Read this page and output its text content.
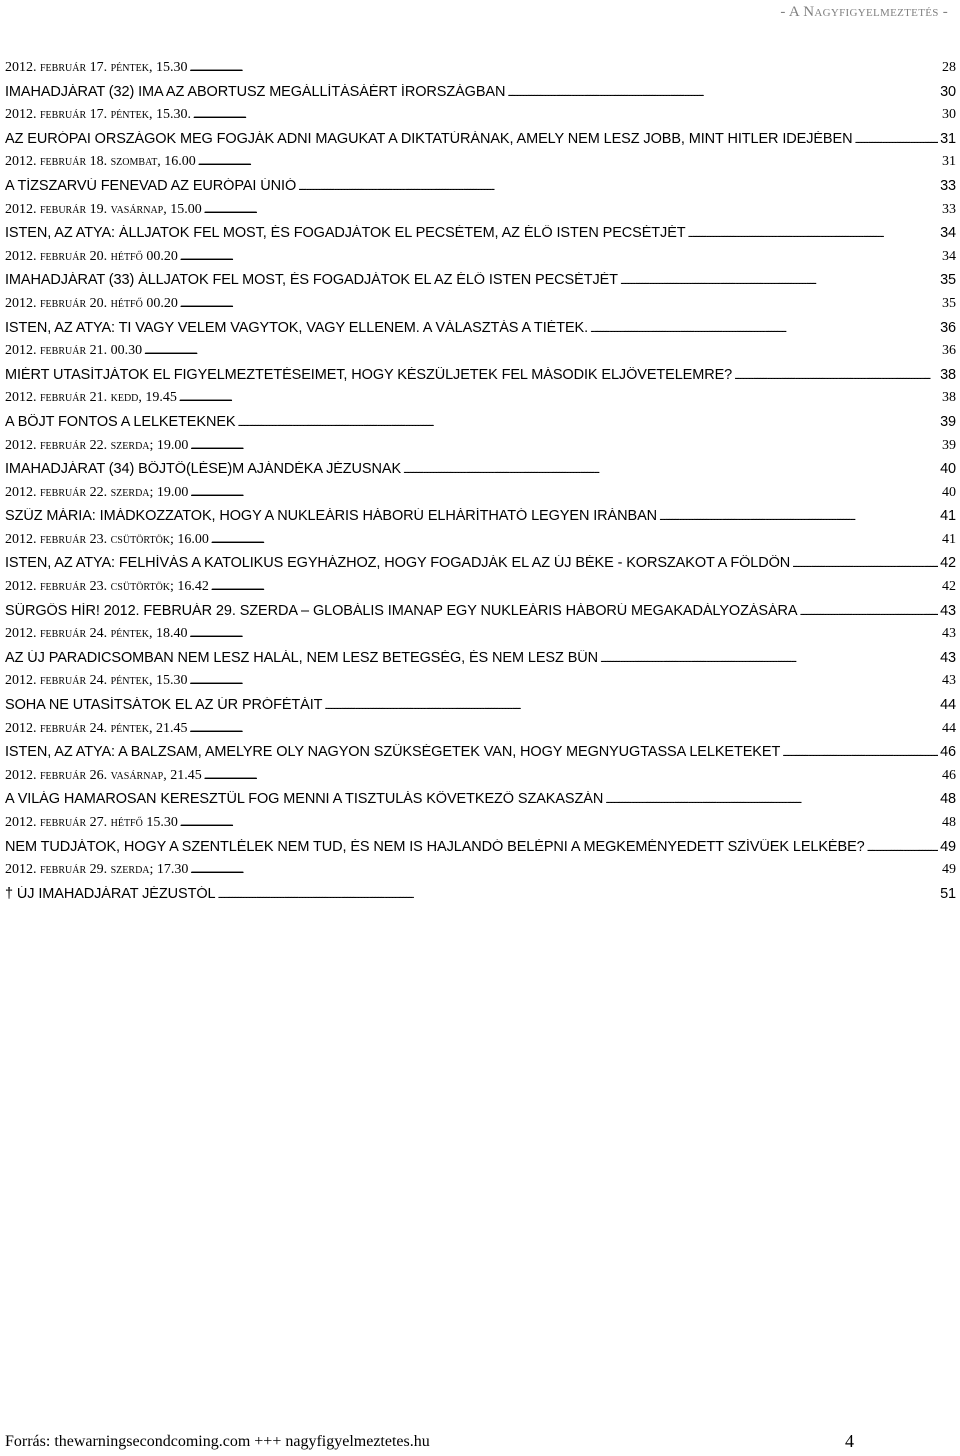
- A Nagyfigyelmeztetés -
2012. február 17. péntek, 15.30 . . .	28
IMAHADJÁRAT (32) IMA AZ ABORTUSZ MEGÁLLÍTÁSÁÉRT ÍRORSZÁGBAN . . .	30
2012. február 17. péntek, 15.30. . . .	30
AZ EURÓPAI ORSZÁGOK MEG FOGJÁK ADNI MAGUKAT A DIKTATÚRÁNAK, AMELY NEM LESZ JOBB, MINT HITLER IDEJÉBEN . . .	31
2012. február 18. szombat, 16.00 . . .	31
A TÍZSZARVÚ FENEVAD AZ EURÓPAI ÚNIÓ . . .	33
2012. feburár 19. vasárnap, 15.00 . . .	33
ISTEN, AZ ATYA: ÁLLJATOK FEL MOST, ÉS FOGADJÁTOK EL PECSÉTEM, AZ ÉLŐ ISTEN PECSÉTJÉT . . .	34
2012. február 20. hétfő 00.20 . . .	34
IMAHADJÁRAT (33) ÁLLJATOK FEL MOST, ÉS FOGADJÁTOK EL AZ ÉLŐ ISTEN PECSÉTJÉT . . .	35
2012. február 20. hétfő 00.20 . . .	35
ISTEN, AZ ATYA: TI VAGY VELEM VAGYTOK, VAGY ELLENEM. A VÁLASZTÁS A TIÉTEK. . . .	36
2012. február 21. 00.30 . . .	36
MIÉRT UTASÍTJÁTOK EL FIGYELMEZTETÉSEIMET, HOGY KÉSZÜLJETEK FEL MÁSODIK ELJÖVETELEMRE? . . .	38
2012. február 21. kedd, 19.45 . . .	38
A BÖJT FONTOS A LELKETEKNEK . . .	39
2012. február 22. szerda; 19.00 . . .	39
IMAHADJÁRAT (34) BÖJTÖ(LÉSE)M AJÁNDÉKA JÉZUSNAK . . .	40
2012. február 22. szerda; 19.00 . . .	40
SZŰZ MÁRIA: IMÁDKOZZATOK, HOGY A NUKLEÁRIS HÁBORÚ ELHÁRÍTHATÓ LEGYEN IRÁNBAN . . .	41
2012. február 23. csütörtök; 16.00 . . .	41
ISTEN, AZ ATYA: FELHÍVÁS A KATOLIKUS EGYHÁZHOZ, HOGY FOGADJÁK EL AZ ÚJ BÉKE - KORSZAKOT A FÖLDÖN . . .	42
2012. február 23. csütörtök; 16.42 . . .	42
SÜRGŐS HÍR! 2012. FEBRUÁR 29. SZERDA – GLOBÁLIS IMANAP EGY NUKLEÁRIS HÁBORÚ MEGAKADÁLYOZÁSÁRA . . .	43
2012. február 24. péntek, 18.40 . . .	43
AZ ÚJ PARADICSOMBAN NEM LESZ HALÁL, NEM LESZ BETEGSÉG, ÉS NEM LESZ BŰN . . .	43
2012. február 24. péntek, 15.30 . . .	43
SOHA NE UTASÍTSÁTOK EL AZ ÚR PRÓFÉTÁIT . . .	44
2012. február 24. péntek, 21.45 . . .	44
ISTEN, AZ ATYA: A BALZSAM, AMELYRE OLY NAGYON SZÜKSÉGETEK VAN, HOGY MEGNYUGTASSA LELKETEKET . . .	46
2012. február 26. vasárnap, 21.45 . . .	46
A VILÁG HAMAROSAN KERESZTÜL FOG MENNI A TISZTULÁS KÖVETKEZŐ SZAKASZÁN . . .	48
2012. február 27. hétfő 15.30 . . .	48
NEM TUDJÁTOK, HOGY A SZENTLÉLEK NEM TUD, ÉS NEM IS HAJLANDÓ BELÉPNI A MEGKEMÉNYEDETT SZÍVŰEK LELKÉBE? . . .	49
2012. február 29. szerda; 17.30 . . .	49
† ÚJ IMAHADJÁRAT JÉZUSTÓL . . .	51
Forrás: thewarningsecondcoming.com +++ nagyfigyelmeztetes.hu	4
